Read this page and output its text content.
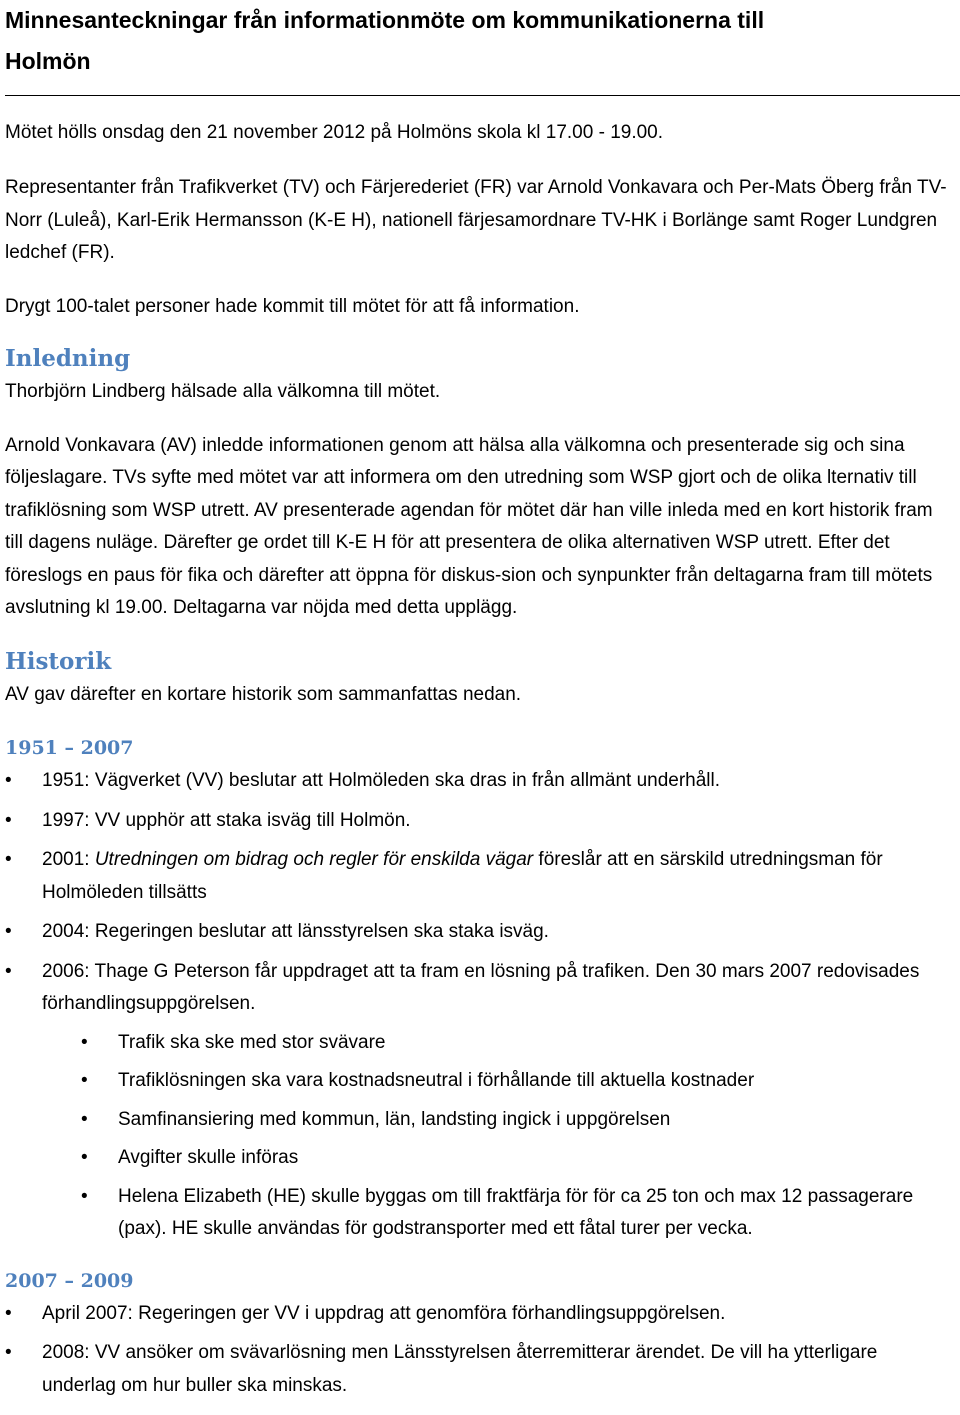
Minnesanteckningar från informationmöte om kommunikationerna till
Holmön

Mötet hölls onsdag den 21 november 2012 på Holmöns skola kl 17.00 - 19.00.

Representanter från Trafikverket (TV) och Färjerederiet (FR) var Arnold Vonkavara och Per-Mats Öberg från TV- Norr (Luleå), Karl-Erik Hermansson (K-E H), nationell färjesamordnare TV-HK i Borlänge samt Roger Lundgren ledchef (FR).

Drygt 100-talet personer hade kommit till mötet för att få information.

Inledning

Thorbjörn Lindberg hälsade alla välkomna till mötet.

Arnold Vonkavara (AV) inledde informationen genom att hälsa alla välkomna och presenterade sig och sina följeslagare. TVs syfte med mötet var att informera om den utredning som WSP gjort och de olika lternativ till trafiklösning som WSP utrett. AV presenterade agendan för mötet där han ville inleda med en kort historik fram till dagens nuläge. Därefter ge ordet till K-E H för att presentera de olika alternativen WSP utrett. Efter det föreslogs en paus för fika och därefter att öppna för diskus-sion och synpunkter från deltagarna fram till mötets avslutning kl 19.00. Deltagarna var nöjda med detta upplägg.

Historik

AV gav därefter en kortare historik som sammanfattas nedan.

1951 – 2007
• 1951: Vägverket (VV) beslutar att Holmöleden ska dras in från allmänt underhåll.
• 1997: VV upphör att staka isväg till Holmön.
• 2001: Utredningen om bidrag och regler för enskilda vägar föreslår att en särskild utredningsman för Holmöleden tillsätts
• 2004: Regeringen beslutar att länsstyrelsen ska staka isväg.
• 2006: Thage G Peterson får uppdraget att ta fram en lösning på trafiken. Den 30 mars 2007 redovisades förhandlingsuppgörelsen.
• Trafik ska ske med stor svävare
• Trafiklösningen ska vara kostnadsneutral i förhållande till aktuella kostnader
• Samfinansiering med kommun, län, landsting ingick i uppgörelsen
• Avgifter skulle införas
• Helena Elizabeth (HE) skulle byggas om till fraktfärja för för ca 25 ton och max 12 passagerare (pax). HE skulle användas för godstransporter med ett fåtal turer per vecka.
2007 – 2009
• April 2007: Regeringen ger VV i uppdrag att genomföra förhandlingsuppgörelsen.
• 2008: VV ansöker om svävarlösning men Länsstyrelsen återremitterar ärendet. De vill ha ytterligare underlag om hur buller ska minskas.
